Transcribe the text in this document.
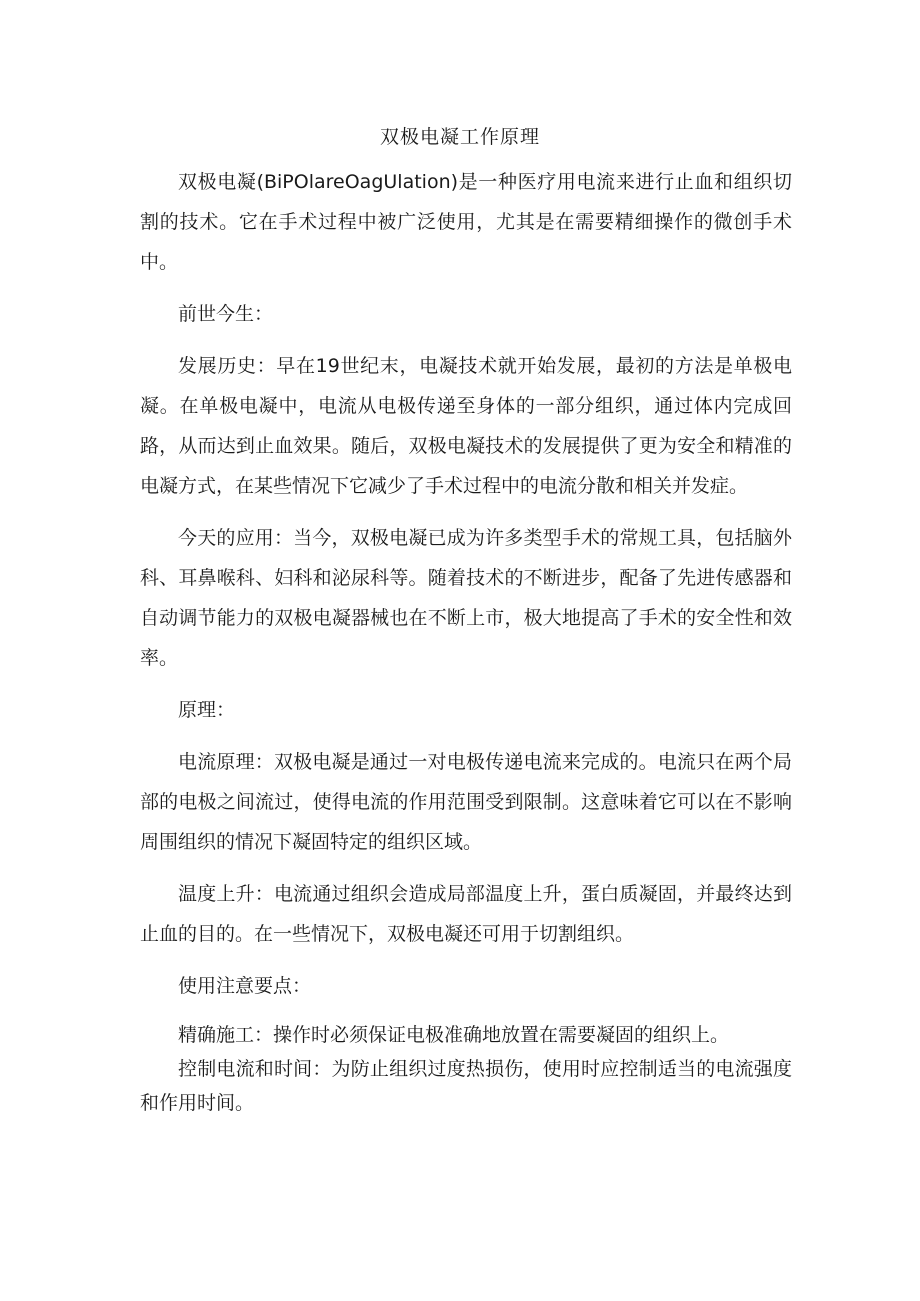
双极电凝工作原理

双极电凝(BiPOlareOagUlation)是一种医疗用电流来进行止血和组织切割的技术。它在手术过程中被广泛使用，尤其是在需要精细操作的微创手术中。

前世今生：

发展历史：早在19世纪末，电凝技术就开始发展，最初的方法是单极电凝。在单极电凝中，电流从电极传递至身体的一部分组织，通过体内完成回路，从而达到止血效果。随后，双极电凝技术的发展提供了更为安全和精准的电凝方式，在某些情况下它减少了手术过程中的电流分散和相关并发症。

今天的应用：当今，双极电凝已成为许多类型手术的常规工具，包括脑外科、耳鼻喉科、妇科和泌尿科等。随着技术的不断进步，配备了先进传感器和自动调节能力的双极电凝器械也在不断上市，极大地提高了手术的安全性和效率。

原理：

电流原理：双极电凝是通过一对电极传递电流来完成的。电流只在两个局部的电极之间流过，使得电流的作用范围受到限制。这意味着它可以在不影响周围组织的情况下凝固特定的组织区域。

温度上升：电流通过组织会造成局部温度上升，蛋白质凝固，并最终达到止血的目的。在一些情况下，双极电凝还可用于切割组织。

使用注意要点：

精确施工：操作时必须保证电极准确地放置在需要凝固的组织上。

控制电流和时间：为防止组织过度热损伤，使用时应控制适当的电流强度和作用时间。
